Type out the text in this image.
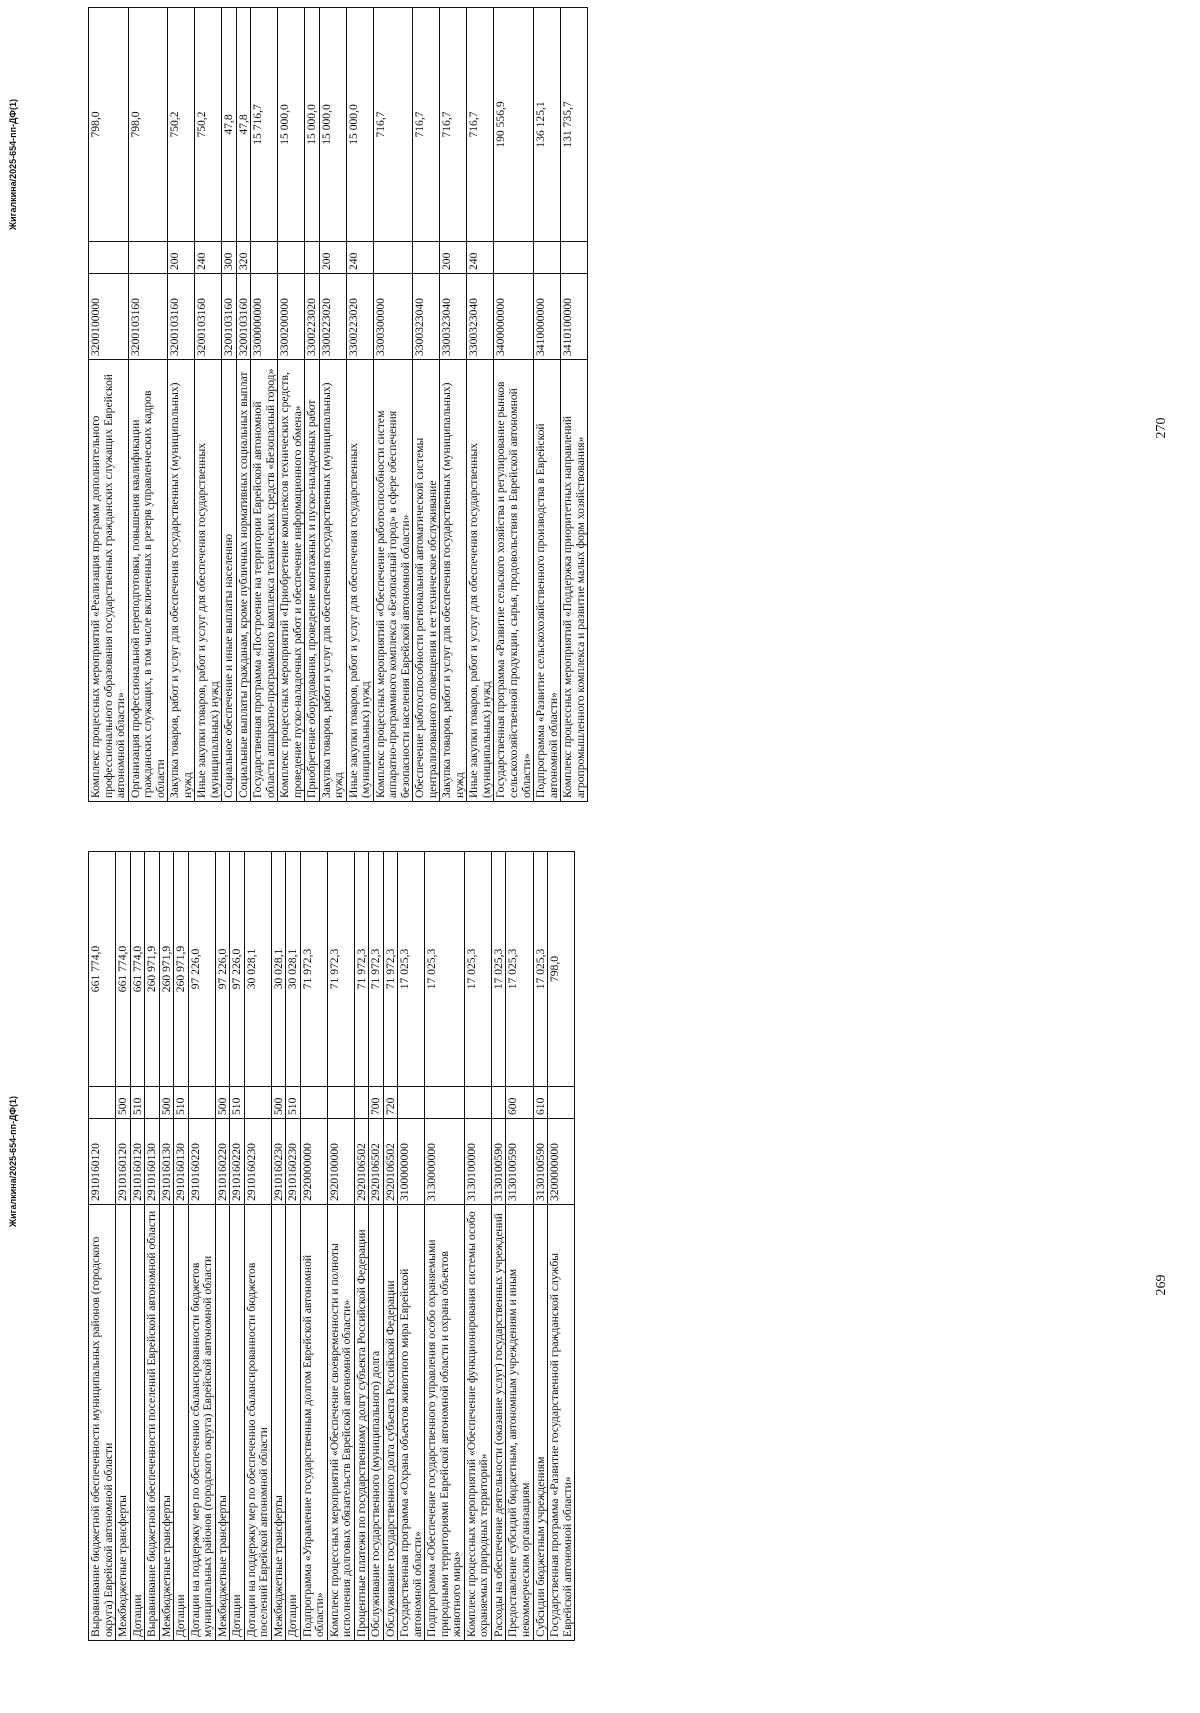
Жигалкина/2025-654-пп-ДФ(1)
Выравнивание бюджетной обеспеченности муниципальных районов (городского округа) Еврейской автономной области	2910160120		661 774,0
Межбюджетные трансферты	2910160120	500	661 774,0
Дотации	2910160120	510	661 774,0
Выравнивание бюджетной обеспеченности поселений Еврейской автономной области	2910160130		260 971,9
Межбюджетные трансферты	2910160130	500	260 971,9
Дотации	2910160130	510	260 971,9
Дотации на поддержку мер по обеспечению сбалансированности бюджетов муниципальных районов (городского округа) Еврейской автономной области	2910160220		97 226,0
Межбюджетные трансферты	2910160220	500	97 226,0
Дотации	2910160220	510	97 226,0
Дотации на поддержку мер по обеспечению сбалансированности бюджетов поселений Еврейской автономной области	2910160230		30 028,1
Межбюджетные трансферты	2910160230	500	30 028,1
Дотации	2910160230	510	30 028,1
Подпрограмма «Управление государственным долгом Еврейской автономной области»	2920000000		71 972,3
Комплекс процессных мероприятий «Обеспечение своевременности и полноты исполнения долговых обязательств Еврейской автономной области»	2920100000		71 972,3
Процентные платежи по государственному долгу субъекта Российской Федерации	2920106502		71 972,3
Обслуживание государственного (муниципального) долга	2920106502	700	71 972,3
Обслуживание государственного долга субъекта Российской Федерации	2920106502	720	71 972,3
Государственная программа «Охрана объектов животного мира Еврейской автономной области»	3100000000		17 025,3
Подпрограмма «Обеспечение государственного управления особо охраняемыми природными территориями Еврейской автономной области и охрана объектов животного мира»	3130000000		17 025,3
Комплекс процессных мероприятий «Обеспечение функционирования системы особо охраняемых природных территорий»	3130100000		17 025,3
Расходы на обеспечение деятельности (оказание услуг) государственных учреждений	3130100590		17 025,3
Предоставление субсидий бюджетным, автономным учреждениям и иным некоммерческим организациям	3130100590	600	17 025,3
Субсидии бюджетным учреждениям	3130100590	610	17 025,3
Государственная программа «Развитие государственной гражданской службы Еврейской автономной области»	3200000000		798,0
269
Жигалкина/2025-654-пп-ДФ(1)
Комплекс процессных мероприятий «Реализация программ дополнительного профессионального образования государственных гражданских служащих Еврейской автономной области»	3200100000		798,0
Организация профессиональной переподготовки, повышения квалификации гражданских служащих, в том числе включенных в резерв управленческих кадров области	3200103160		798,0
Закупка товаров, работ и услуг для обеспечения государственных (муниципальных) нужд	3200103160	200	750,2
Иные закупки товаров, работ и услуг для обеспечения государственных (муниципальных) нужд	3200103160	240	750,2
Социальное обеспечение и иные выплаты населению	3200103160	300	47,8
Социальные выплаты гражданам, кроме публичных нормативных социальных выплат	3200103160	320	47,8
Государственная программа «Построение на территории Еврейской автономной области аппаратно-программного комплекса технических средств «Безопасный город»	3300000000		15 716,7
Комплекс процессных мероприятий «Приобретение комплексов технических средств, проведение пуско-наладочных работ и обеспечение информационного обмена»	3300200000		15 000,0
Приобретение оборудования, проведение монтажных и пуско-наладочных работ	3300223020		15 000,0
Закупка товаров, работ и услуг для обеспечения государственных (муниципальных) нужд	3300223020	200	15 000,0
Иные закупки товаров, работ и услуг для обеспечения государственных (муниципальных) нужд	3300223020	240	15 000,0
Комплекс процессных мероприятий «Обеспечение работоспособности систем аппаратно-программного комплекса «Безопасный город» в сфере обеспечения безопасности населения Еврейской автономной области»	3300300000		716,7
Обеспечение работоспособности региональной автоматической системы централизованного оповещения и ее техническое обслуживание	3300323040		716,7
Закупка товаров, работ и услуг для обеспечения государственных (муниципальных) нужд	3300323040	200	716,7
Иные закупки товаров, работ и услуг для обеспечения государственных (муниципальных) нужд	3300323040	240	716,7
Государственная программа «Развитие сельского хозяйства и регулирование рынков сельскохозяйственной продукции, сырья, продовольствия в Еврейской автономной области»	3400000000		190 556,9
Подпрограмма «Развитие сельскохозяйственного производства в Еврейской автономной области»	3410000000		136 125,1
Комплекс процессных мероприятий «Поддержка приоритетных направлений агропромышленного комплекса и развитие малых форм хозяйствования»	3410100000		131 735,7
270
